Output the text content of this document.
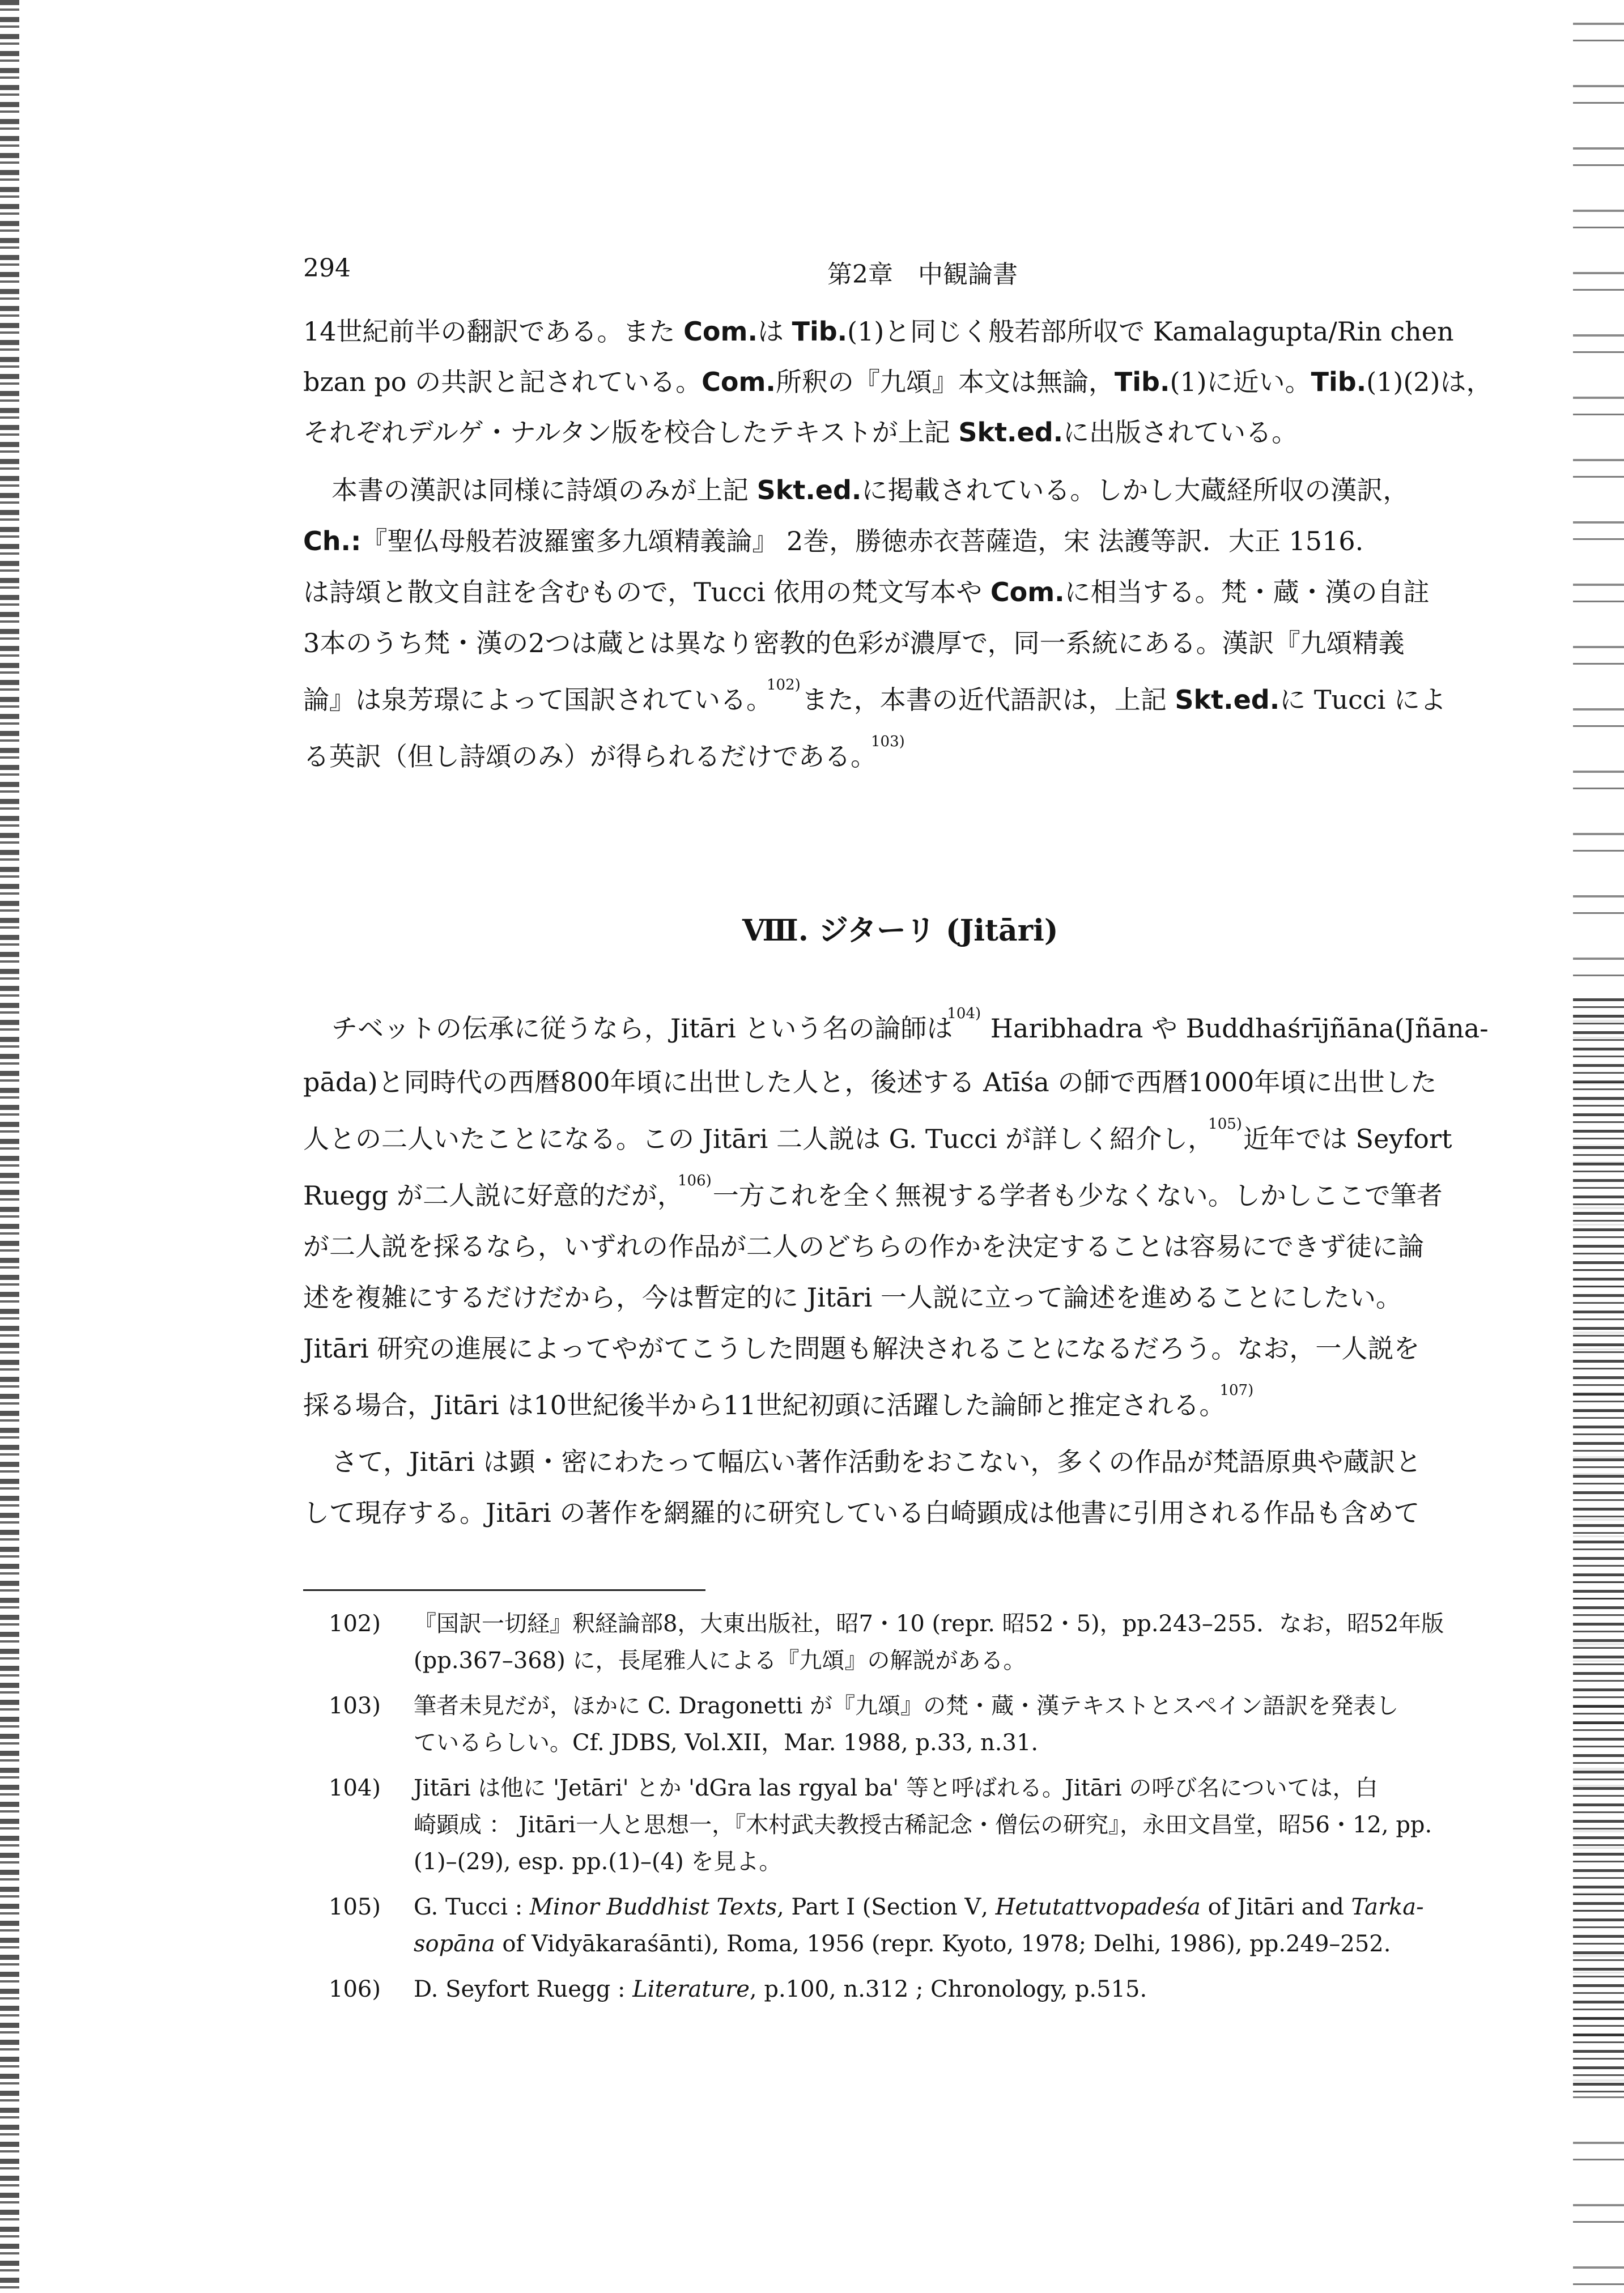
294	第2章　中観論書
14世紀前半の翻訳である。また Com.は Tib.(1)と同じく般若部所収で Kamalagupta/Rin chen
bzan po の共訳と記されている。Com.所釈の『九頌』本文は無論，Tib.(1)に近い。Tib.(1)(2)は，
それぞれデルゲ・ナルタン版を校合したテキストが上記 Skt.ed.に出版されている。
本書の漢訳は同様に詩頌のみが上記 Skt.ed.に掲載されている。しかし大蔵経所収の漢訳，
Ch.:『聖仏母般若波羅蜜多九頌精義論』 2巻，勝徳赤衣菩薩造，宋 法護等訳．大正 1516.
は詩頌と散文自註を含むもので，Tucci 依用の梵文写本や Com.に相当する。梵・蔵・漢の自註
3本のうち梵・漢の2つは蔵とは異なり密教的色彩が濃厚で，同一系統にある。漢訳『九頌精義
論』は泉芳璟によって国訳されている。$^{102)}$また，本書の近代語訳は，上記 Skt.ed.に Tucci によ
る英訳（但し詩頌のみ）が得られるだけである。$^{103)}$
Ⅷ. ジターリ (Jitāri)
チベットの伝承に従うなら，Jitāri という名の論師は$^{104)}$ Haribhadra や Buddhaśrījñāna(Jñāna-
pāda)と同時代の西暦800年頃に出世した人と，後述する Atīśa の師で西暦1000年頃に出世した
人との二人いたことになる。この Jitāri 二人説は G. Tucci が詳しく紹介し，$^{105)}$近年では Seyfort
Ruegg が二人説に好意的だが，$^{106)}$一方これを全く無視する学者も少なくない。しかしここで筆者
が二人説を採るなら，いずれの作品が二人のどちらの作かを決定することは容易にできず徒に論
述を複雑にするだけだから，今は暫定的に Jitāri 一人説に立って論述を進めることにしたい。
Jitāri 研究の進展によってやがてこうした問題も解決されることになるだろう。なお，一人説を
採る場合，Jitāri は10世紀後半から11世紀初頭に活躍した論師と推定される。$^{107)}$
さて，Jitāri は顕・密にわたって幅広い著作活動をおこない，多くの作品が梵語原典や蔵訳と
して現存する。Jitāri の著作を網羅的に研究している白崎顕成は他書に引用される作品も含めて
102) 『国訳一切経』釈経論部8，大東出版社，昭7・10 (repr. 昭52・5)，pp.243–255．なお，昭52年版
(pp.367–368) に，長尾雅人による『九頌』の解説がある。
103) 筆者未見だが，ほかに C. Dragonetti が『九頌』の梵・蔵・漢テキストとスペイン語訳を発表し
ているらしい。Cf. JDBS, Vol.XII，Mar. 1988, p.33, n.31.
104) Jitāri は他に 'Jetāri' とか 'dGra las rgyal ba' 等と呼ばれる。Jitāri の呼び名については，白
崎顕成 ： Jitāri一人と思想一，『木村武夫教授古稀記念・僧伝の研究』，永田文昌堂，昭56・12, pp.
(1)–(29), esp. pp.(1)–(4) を見よ。
105) G. Tucci : Minor Buddhist Texts, Part Ⅰ (Section Ⅴ, Hetutattvopadeśa of Jitāri and Tarka-
sopāna of Vidyākaraśānti), Roma, 1956 (repr. Kyoto, 1978; Delhi, 1986), pp.249–252.
106) D. Seyfort Ruegg : Literature, p.100, n.312 ; Chronology, p.515.
